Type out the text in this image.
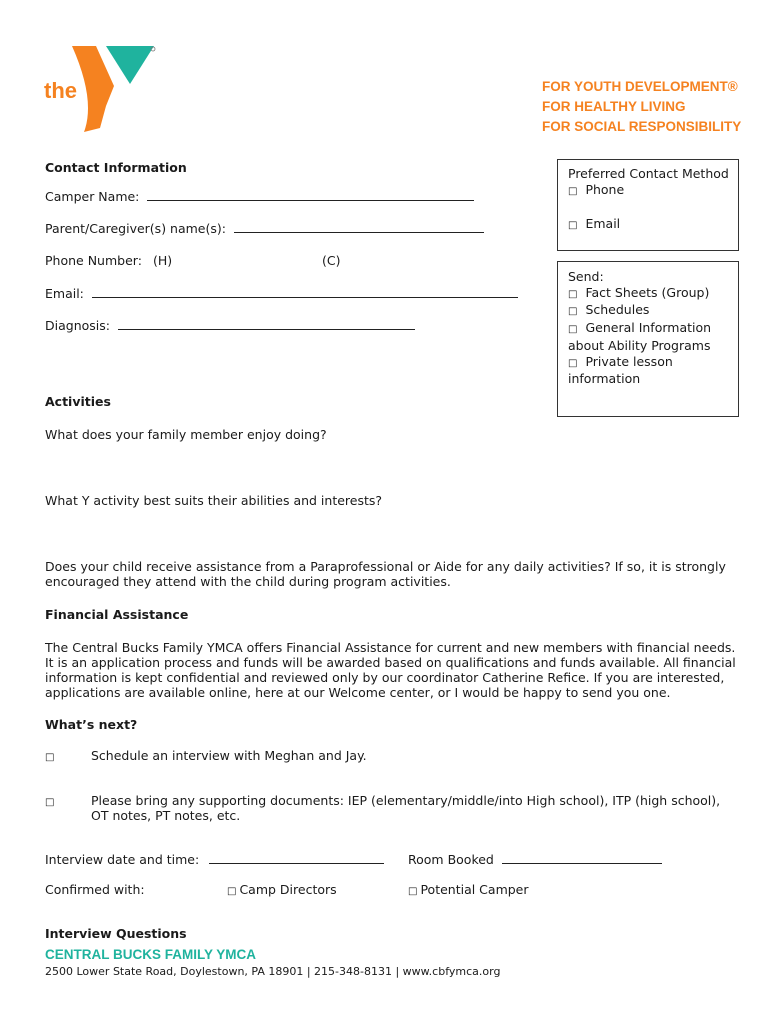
YMCA
the	FOR YOUTH DEVELOPMENT®
FOR HEALTHY LIVING
FOR SOCIAL RESPONSIBILITY
Contact Information
Camper Name:
Parent/Caregiver(s) name(s):
Phone Number: (H)	(C)
Email:
Diagnosis:
Preferred Contact Method
□ Phone
□ Email
Send:
□ Fact Sheets (Group)
□ Schedules
□ General Information
about Ability Programs
□ Private lesson
information
Activities
What does your family member enjoy doing?
What Y activity best suits their abilities and interests?
Does your child receive assistance from a Paraprofessional or Aide for any daily activities? If so, it is strongly
encouraged they attend with the child during program activities.
Financial Assistance
The Central Bucks Family YMCA offers Financial Assistance for current and new members with financial needs.
It is an application process and funds will be awarded based on qualifications and funds available. All financial
information is kept confidential and reviewed only by our coordinator Catherine Refice. If you are interested,
applications are available online, here at our Welcome center, or I would be happy to send you one.
What’s next?
□	Schedule an interview with Meghan and Jay.
□	Please bring any supporting documents: IEP (elementary/middle/into High school), ITP (high school),
OT notes, PT notes, etc.
Interview date and time:	Room Booked
Confirmed with:	□ Camp Directors	□ Potential Camper
Interview Questions
CENTRAL BUCKS FAMILY YMCA
2500 Lower State Road, Doylestown, PA 18901 | 215-348-8131 | www.cbfymca.org
